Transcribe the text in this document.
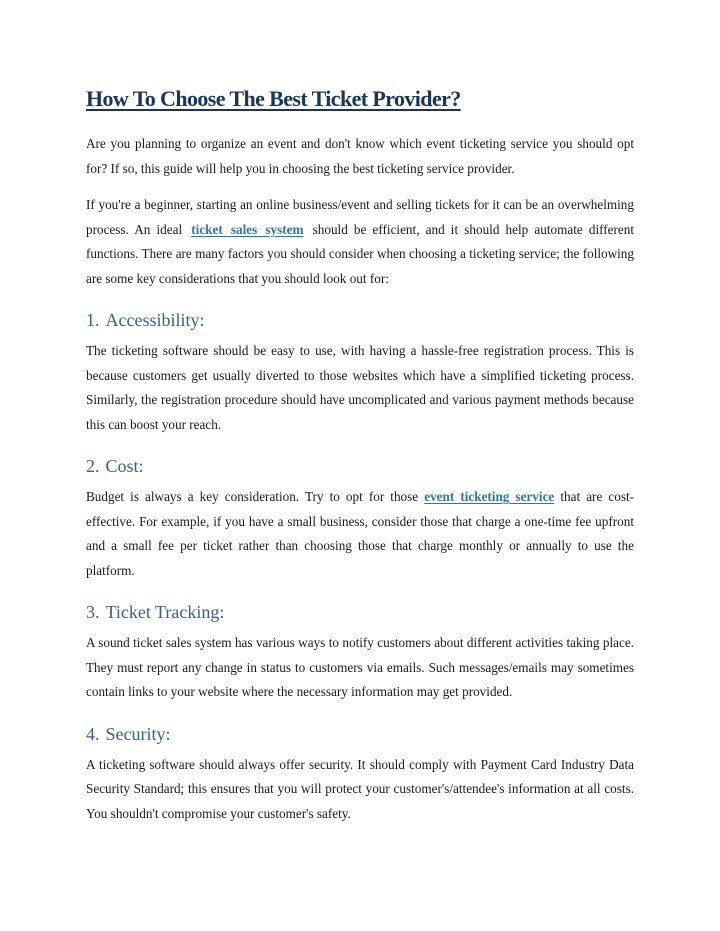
How To Choose The Best Ticket Provider?

Are you planning to organize an event and don't know which event ticketing service you should opt for? If so, this guide will help you in choosing the best ticketing service provider.

If you're a beginner, starting an online business/event and selling tickets for it can be an overwhelming process. An ideal ticket sales system should be efficient, and it should help automate different functions. There are many factors you should consider when choosing a ticketing service; the following are some key considerations that you should look out for:

1. Accessibility:

The ticketing software should be easy to use, with having a hassle-free registration process. This is because customers get usually diverted to those websites which have a simplified ticketing process. Similarly, the registration procedure should have uncomplicated and various payment methods because this can boost your reach.

2. Cost:

Budget is always a key consideration. Try to opt for those event ticketing service that are cost-effective. For example, if you have a small business, consider those that charge a one-time fee upfront and a small fee per ticket rather than choosing those that charge monthly or annually to use the platform.

3. Ticket Tracking:

A sound ticket sales system has various ways to notify customers about different activities taking place. They must report any change in status to customers via emails. Such messages/emails may sometimes contain links to your website where the necessary information may get provided.

4. Security:

A ticketing software should always offer security. It should comply with Payment Card Industry Data Security Standard; this ensures that you will protect your customer's/attendee's information at all costs. You shouldn't compromise your customer's safety.
